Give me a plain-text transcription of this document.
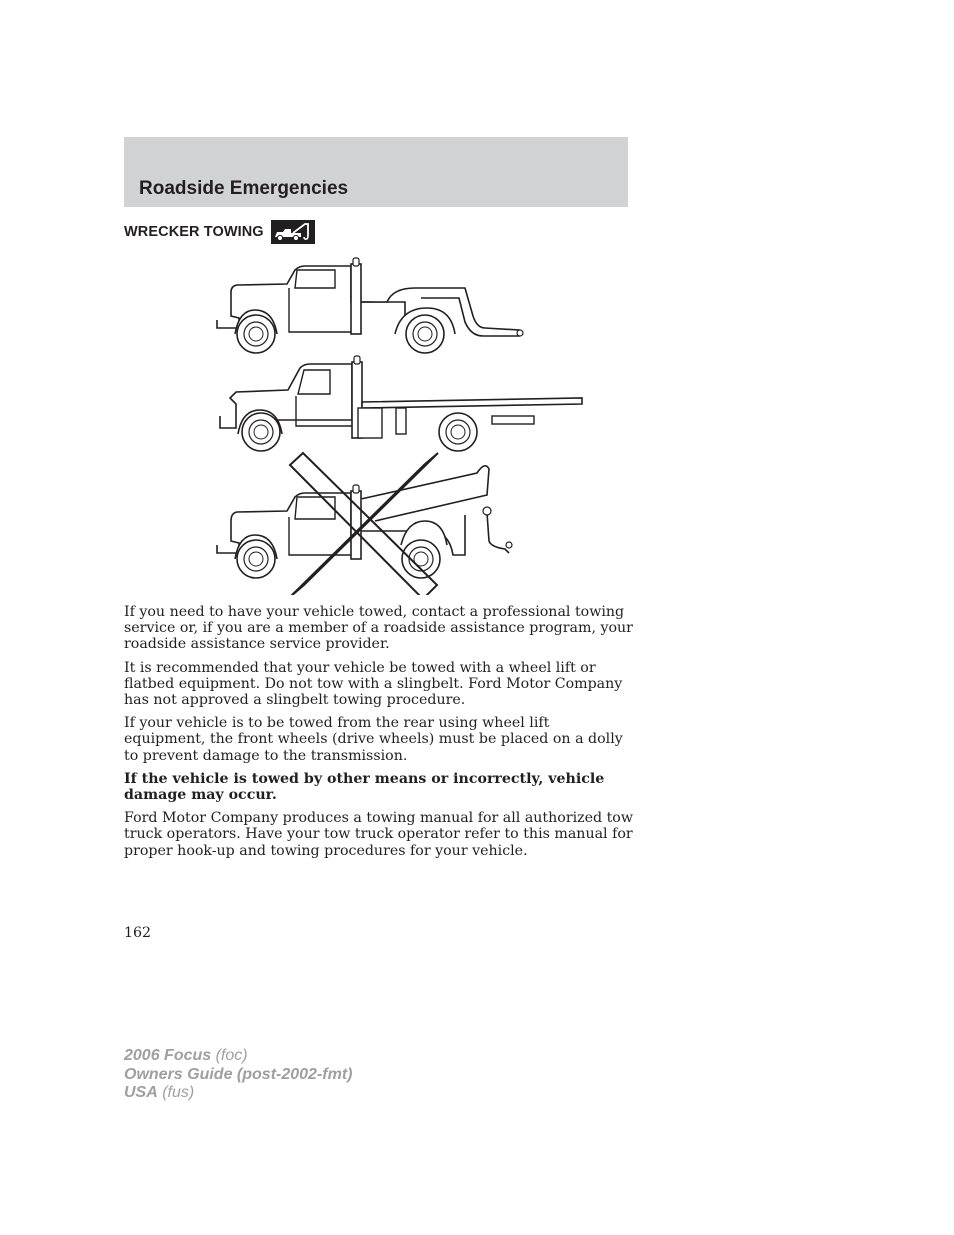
Roadside Emergencies
WRECKER TOWING

If you need to have your vehicle towed, contact a professional towing service or, if you are a member of a roadside assistance program, your roadside assistance service provider.

It is recommended that your vehicle be towed with a wheel lift or flatbed equipment. Do not tow with a slingbelt. Ford Motor Company has not approved a slingbelt towing procedure.

If your vehicle is to be towed from the rear using wheel lift equipment, the front wheels (drive wheels) must be placed on a dolly to prevent damage to the transmission.

If the vehicle is towed by other means or incorrectly, vehicle damage may occur.

Ford Motor Company produces a towing manual for all authorized tow truck operators. Have your tow truck operator refer to this manual for proper hook-up and towing procedures for your vehicle.

162
2006 Focus (foc)
Owners Guide (post-2002-fmt)
USA (fus)
